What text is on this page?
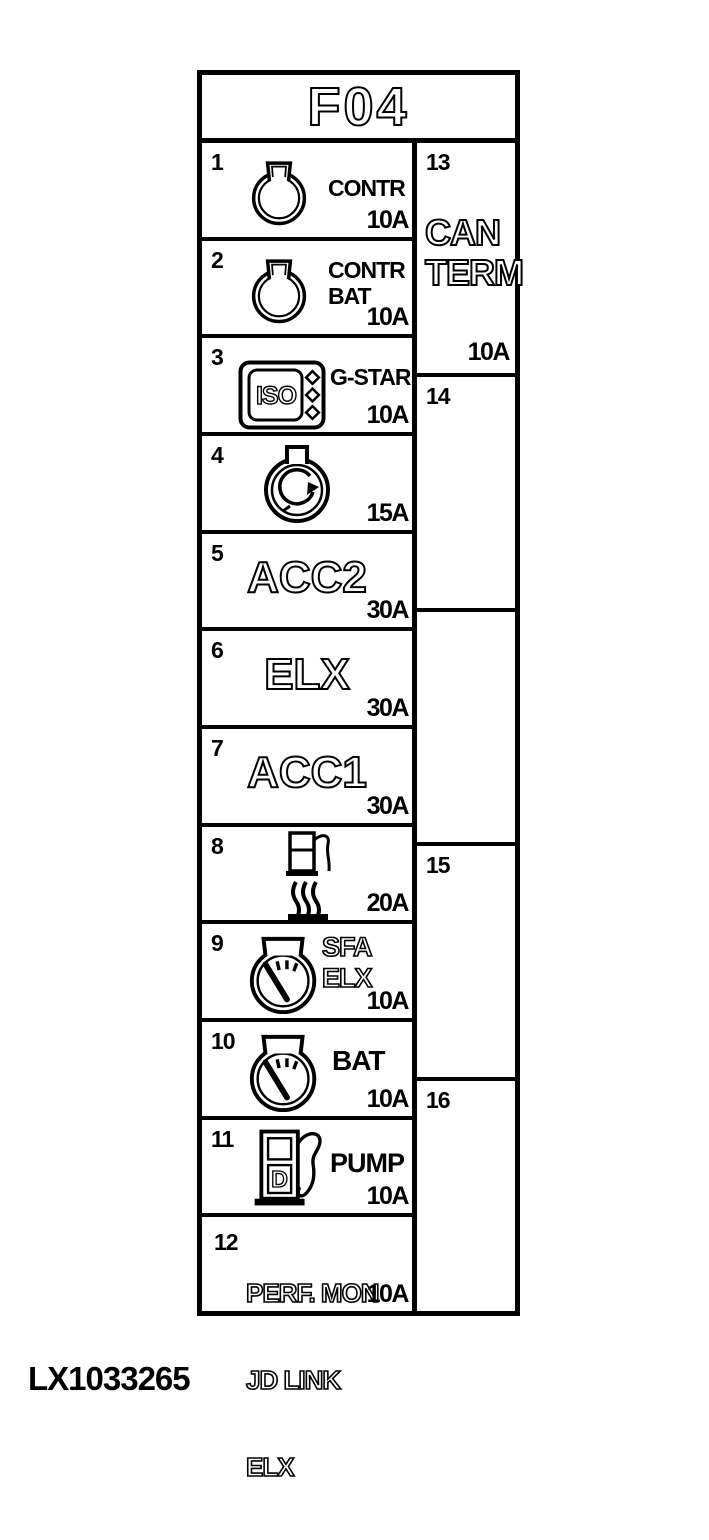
F04
1
CONTR
10A
2	CONTR
BAT
10A
3
ISO
G-STAR
10A
4
15A
5 ACC2
30A
6 ELX
30A
7 ACC1
30A
8
20A
9	SFA
ELX
10A
10
BAT
10A
11
D
PUMP
10A
12

PERF. MON

JD LINK

ELX

10A
13
CAN
TERM
10A
14
15
16
LX1033265
